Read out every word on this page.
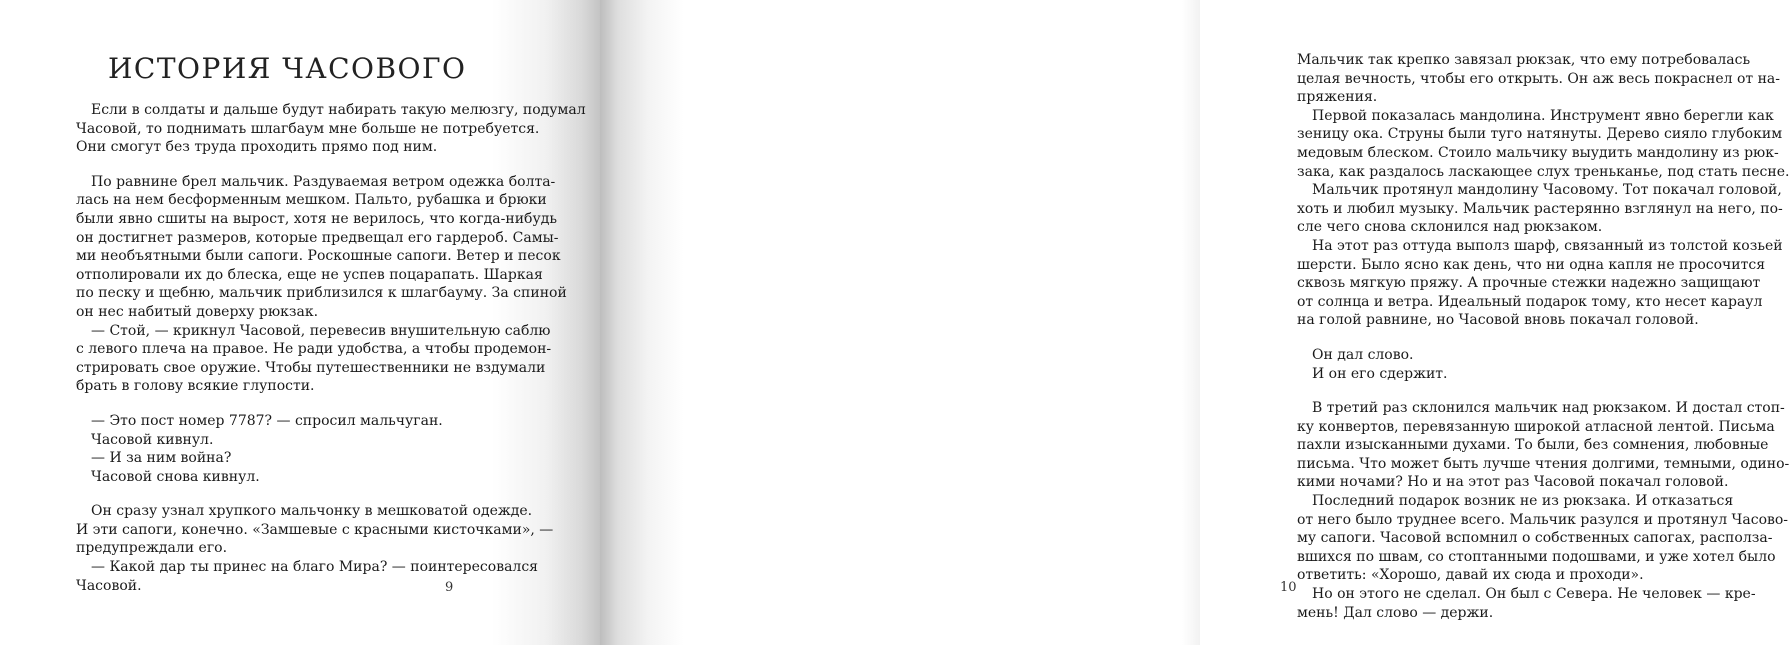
ИСТОРИЯ ЧАСОВОГО
Если в солдаты и дальше будут набирать такую мелюзгу, подумал
Часовой, то поднимать шлагбаум мне больше не потребуется.
Они смогут без труда проходить прямо под ним.
По равнине брел мальчик. Раздуваемая ветром одежка болта-
лась на нем бесформенным мешком. Пальто, рубашка и брюки
были явно сшиты на вырост, хотя не верилось, что когда-нибудь
он достигнет размеров, которые предвещал его гардероб. Самы-
ми необъятными были сапоги. Роскошные сапоги. Ветер и песок
отполировали их до блеска, еще не успев поцарапать. Шаркая
по песку и щебню, мальчик приблизился к шлагбауму. За спиной
он нес набитый доверху рюкзак.
— Стой, — крикнул Часовой, перевесив внушительную саблю
с левого плеча на правое. Не ради удобства, а чтобы продемон-
стрировать свое оружие. Чтобы путешественники не вздумали
брать в голову всякие глупости.
— Это пост номер 7787? — спросил мальчуган.
Часовой кивнул.
— И за ним война?
Часовой снова кивнул.
Он сразу узнал хрупкого мальчонку в мешковатой одежде.
И эти сапоги, конечно. «Замшевые с красными кисточками», —
предупреждали его.
— Какой дар ты принес на благо Мира? — поинтересовался
Часовой.	9
Мальчик так крепко завязал рюкзак, что ему потребовалась
целая вечность, чтобы его открыть. Он аж весь покраснел от на-
пряжения.
Первой показалась мандолина. Инструмент явно берегли как
зеницу ока. Струны были туго натянуты. Дерево сияло глубоким
медовым блеском. Стоило мальчику выудить мандолину из рюк-
зака, как раздалось ласкающее слух треньканье, под стать песне.
Мальчик протянул мандолину Часовому. Тот покачал головой,
хоть и любил музыку. Мальчик растерянно взглянул на него, по-
сле чего снова склонился над рюкзаком.
На этот раз оттуда выполз шарф, связанный из толстой козьей
шерсти. Было ясно как день, что ни одна капля не просочится
сквозь мягкую пряжу. А прочные стежки надежно защищают
от солнца и ветра. Идеальный подарок тому, кто несет караул
на голой равнине, но Часовой вновь покачал головой.
Он дал слово.
И он его сдержит.
В третий раз склонился мальчик над рюкзаком. И достал стоп-
ку конвертов, перевязанную широкой атласной лентой. Письма
пахли изысканными духами. То были, без сомнения, любовные
письма. Что может быть лучше чтения долгими, темными, одино-
кими ночами? Но и на этот раз Часовой покачал головой.
Последний подарок возник не из рюкзака. И отказаться
от него было труднее всего. Мальчик разулся и протянул Часово-
му сапоги. Часовой вспомнил о собственных сапогах, располза-
вшихся по швам, со стоптанными подошвами, и уже хотел было
ответить: «Хорошо, давай их сюда и проходи».
Но он этого не сделал. Он был с Севера. Не человек — кре-
мень! Дал слово — держи.
10
